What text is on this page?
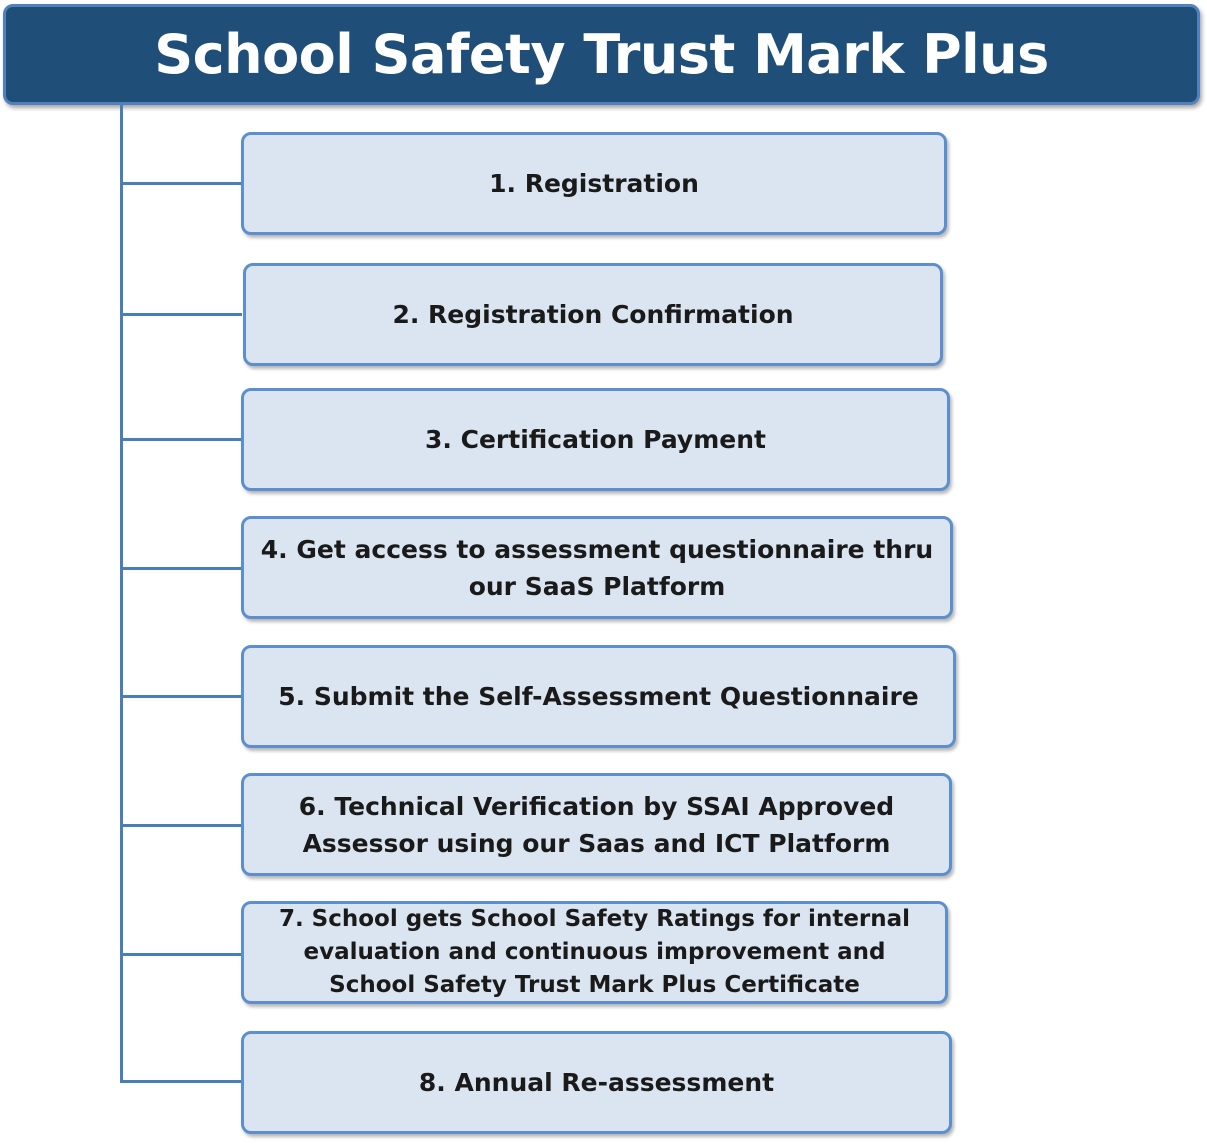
School Safety Trust Mark Plus
1. Registration
2. Registration Confirmation
3. Certification Payment
4. Get access to assessment questionnaire thru
our SaaS Platform
5. Submit the Self-Assessment Questionnaire
6. Technical Verification by SSAI Approved
Assessor using our Saas and ICT Platform
7. School gets School Safety Ratings for internal
evaluation and continuous improvement and
School Safety Trust Mark Plus Certificate
8. Annual Re-assessment
